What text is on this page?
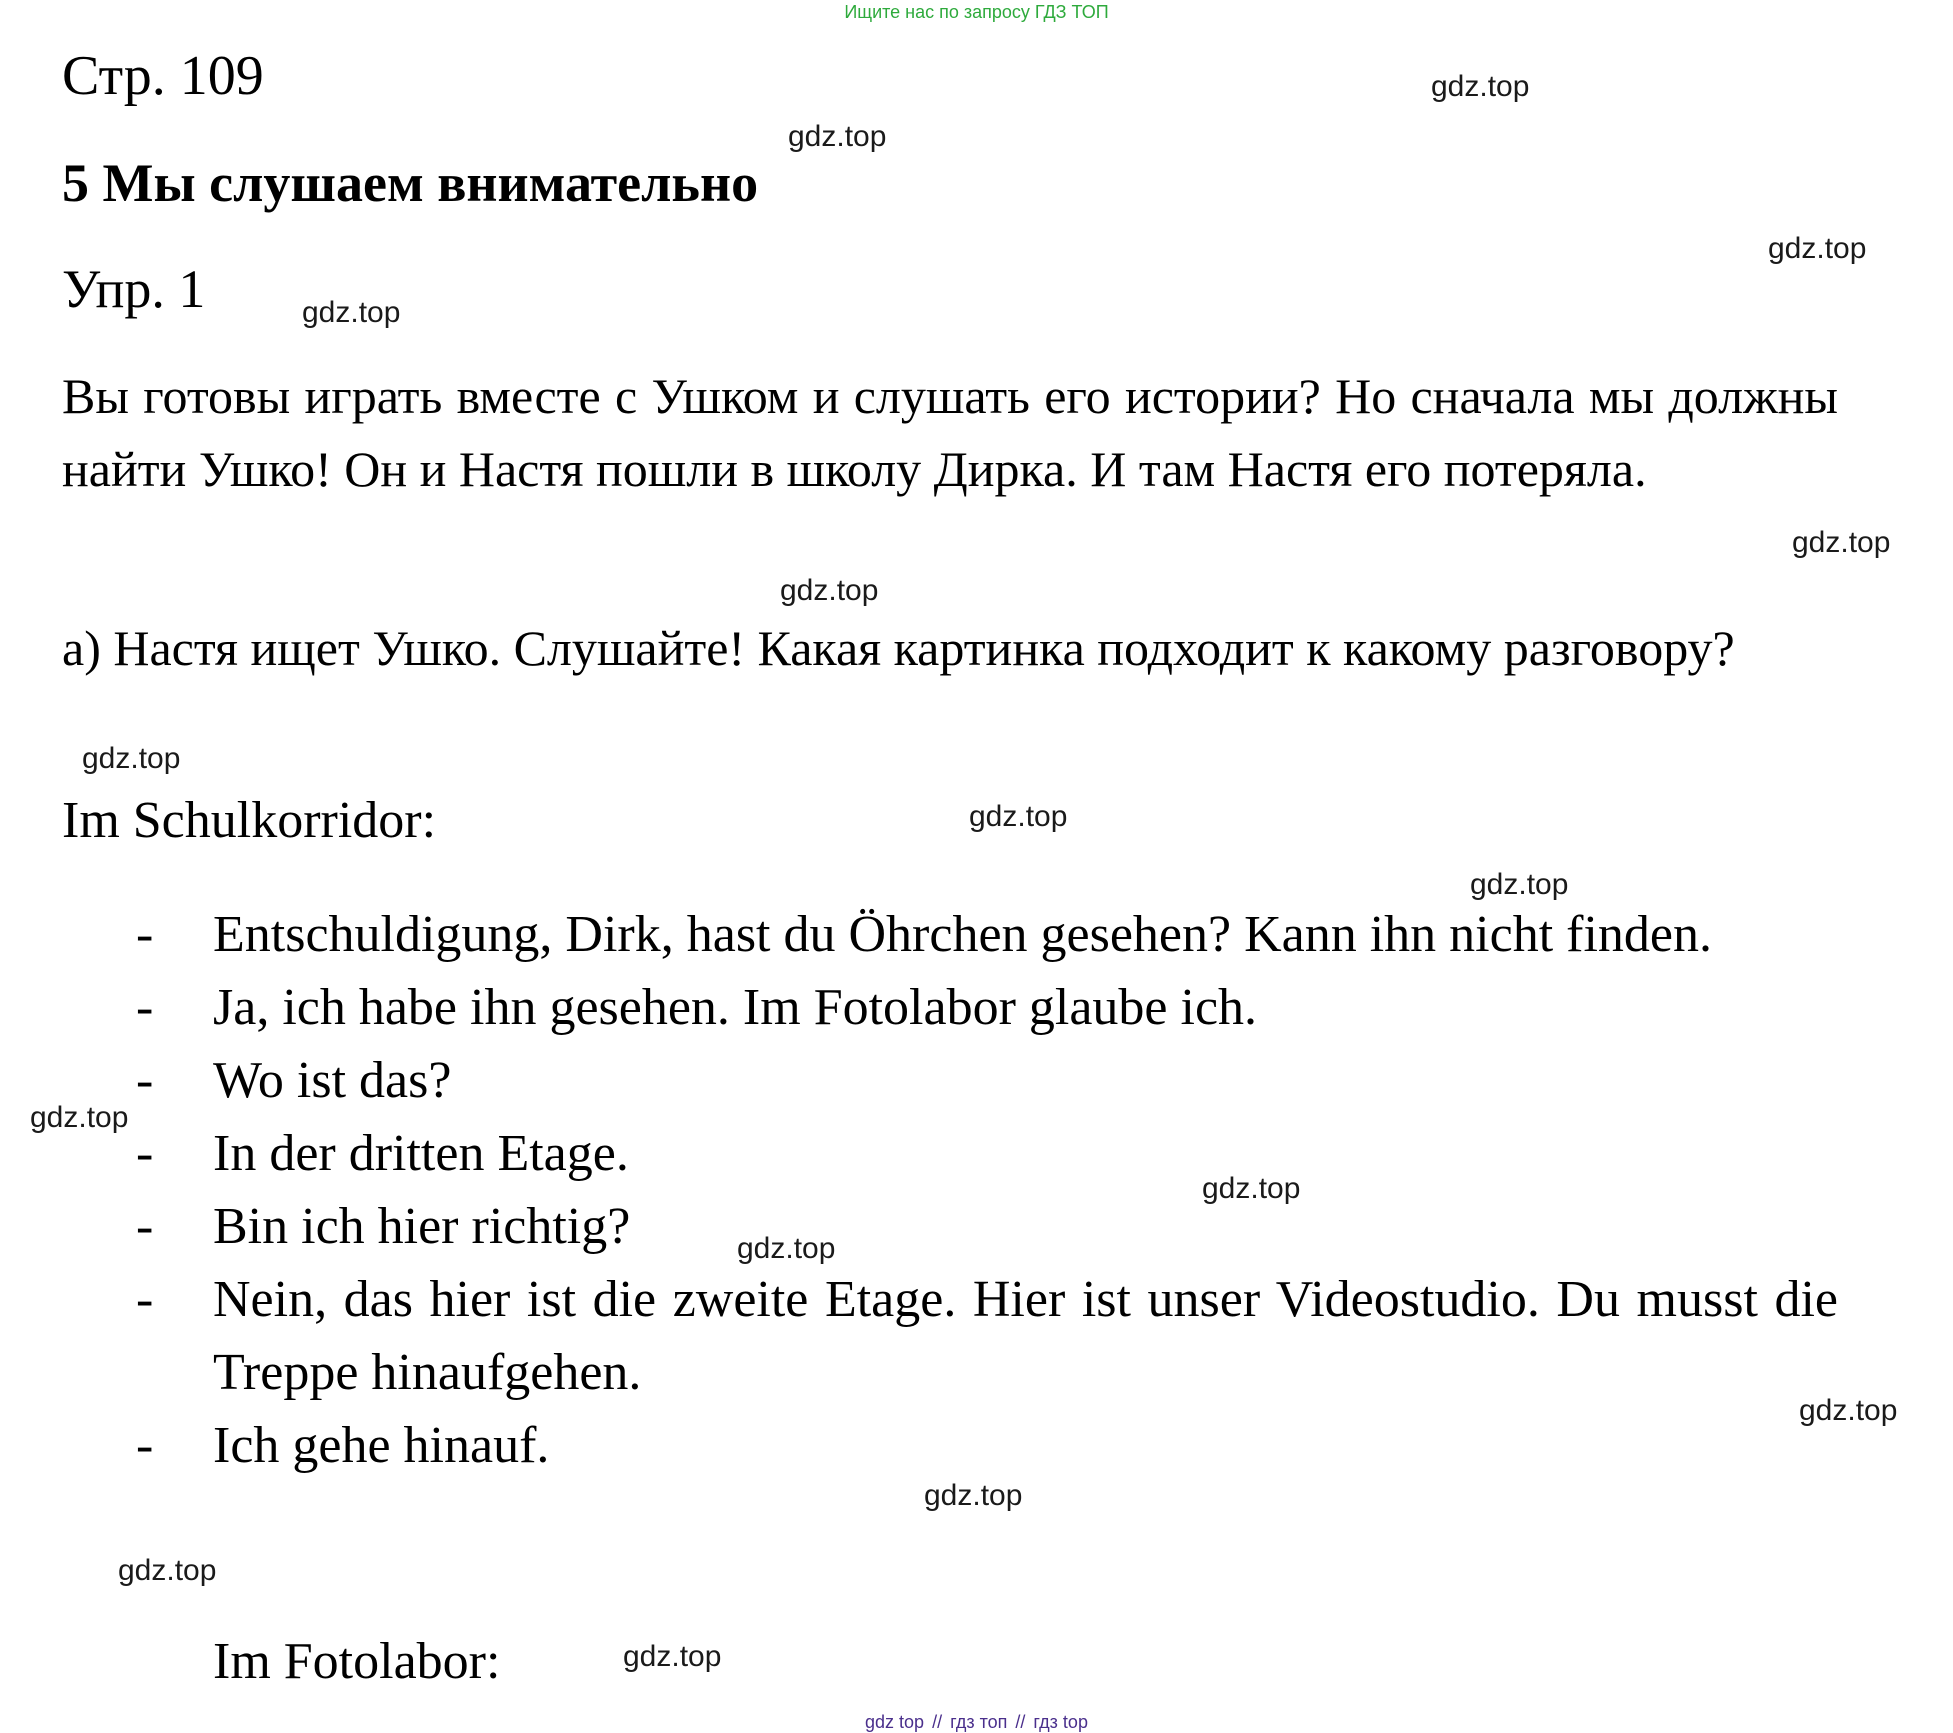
Ищите нас по запросу ГДЗ ТОП
Стр. 109
5 Мы слушаем внимательно
Упр. 1
Вы готовы играть вместе с Ушком и слушать его истории? Но сначала мы должны найти Ушко! Он и Настя пошли в школу Дирка. И там Настя его потеряла.
а) Настя ищет Ушко. Слушайте! Какая картинка подходит к какому разговору?
Im Schulkorridor:
- Entschuldigung, Dirk, hast du Öhrchen gesehen? Kann ihn nicht finden.
- Ja, ich habe ihn gesehen. Im Fotolabor glaube ich.
- Wo ist das?
- In der dritten Etage.
- Bin ich hier richtig?
- Nein, das hier ist die zweite Etage. Hier ist unser Videostudio. Du musst die Treppe hinaufgehen.
- Ich gehe hinauf.
Im Fotolabor:
gdz.top
gdz.top
gdz.top
gdz.top
gdz.top
gdz.top
gdz.top
gdz.top
gdz.top
gdz.top
gdz.top
gdz.top
gdz.top
gdz.top
gdz.top
gdz.top
gdz top // гдз топ // гдз top
